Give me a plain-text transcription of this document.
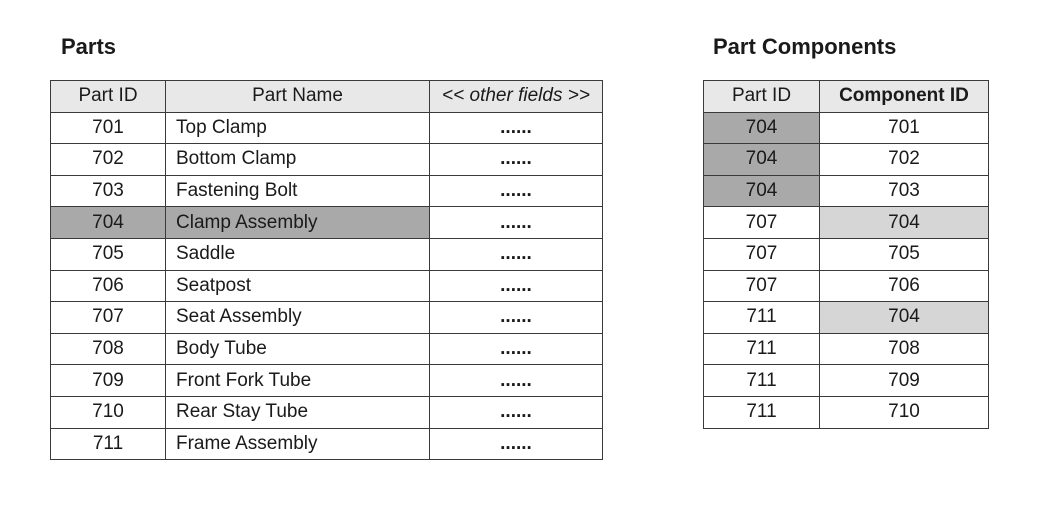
Parts	Part Components
Part ID	Part Name	<< other fields >>
701	Top Clamp	......
702	Bottom Clamp	......
703	Fastening Bolt	......
704	Clamp Assembly	......
705	Saddle	......
706	Seatpost	......
707	Seat Assembly	......
708	Body Tube	......
709	Front Fork Tube	......
710	Rear Stay Tube	......
711	Frame Assembly	......
Part ID	Component ID
704	701
704	702
704	703
707	704
707	705
707	706
711	704
711	708
711	709
711	710
